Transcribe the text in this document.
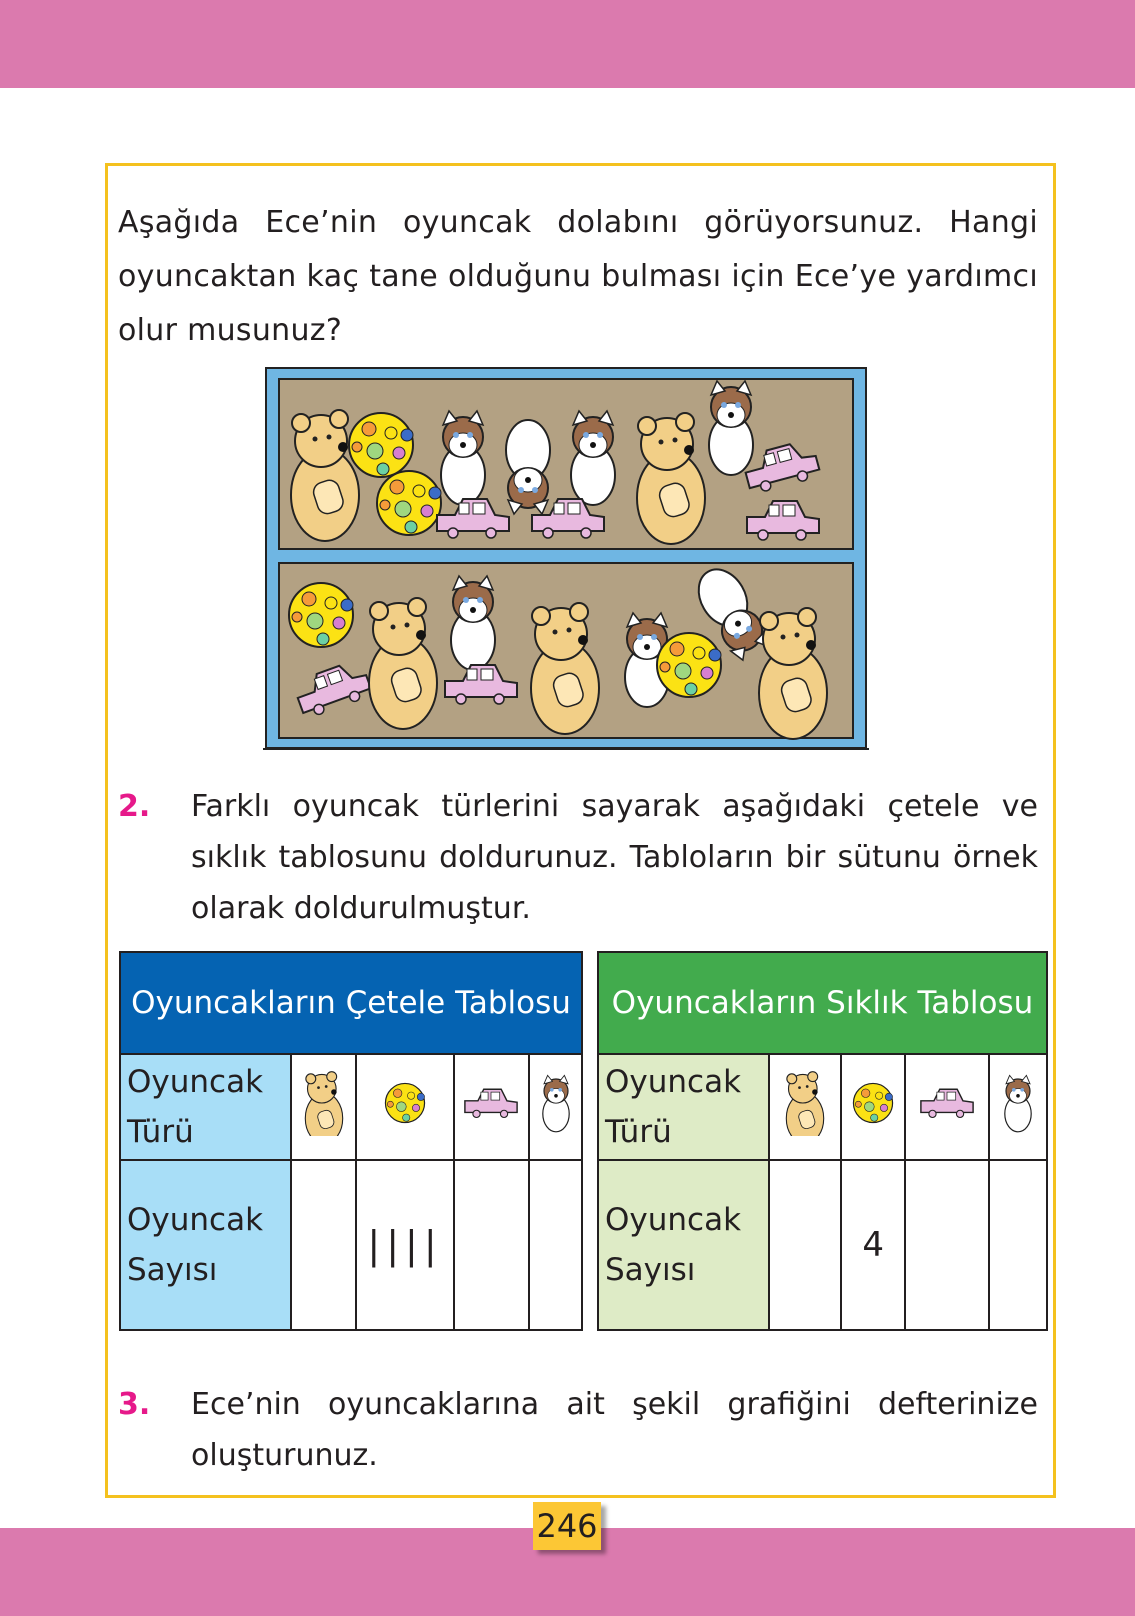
Aşağıda Ece’nin oyuncak dolabını görüyorsunuz. Hangi oyuncaktan kaç tane olduğunu bulması için Ece’ye yardımcı olur musunuz?
2. Farklı oyuncak türlerini sayarak aşağıdaki çetele ve sıklık tablosunu doldurunuz. Tabloların bir sütunu örnek olarak doldurulmuştur.
Oyuncakların Çetele Tablosu				
Oyuncak Türü				
Oyuncak Sayısı		||||		
Oyuncakların Sıklık Tablosu				
Oyuncak Türü				
Oyuncak Sayısı		4		
3. Ece’nin oyuncaklarına ait şekil grafiğini defterinize oluşturunuz.
246
